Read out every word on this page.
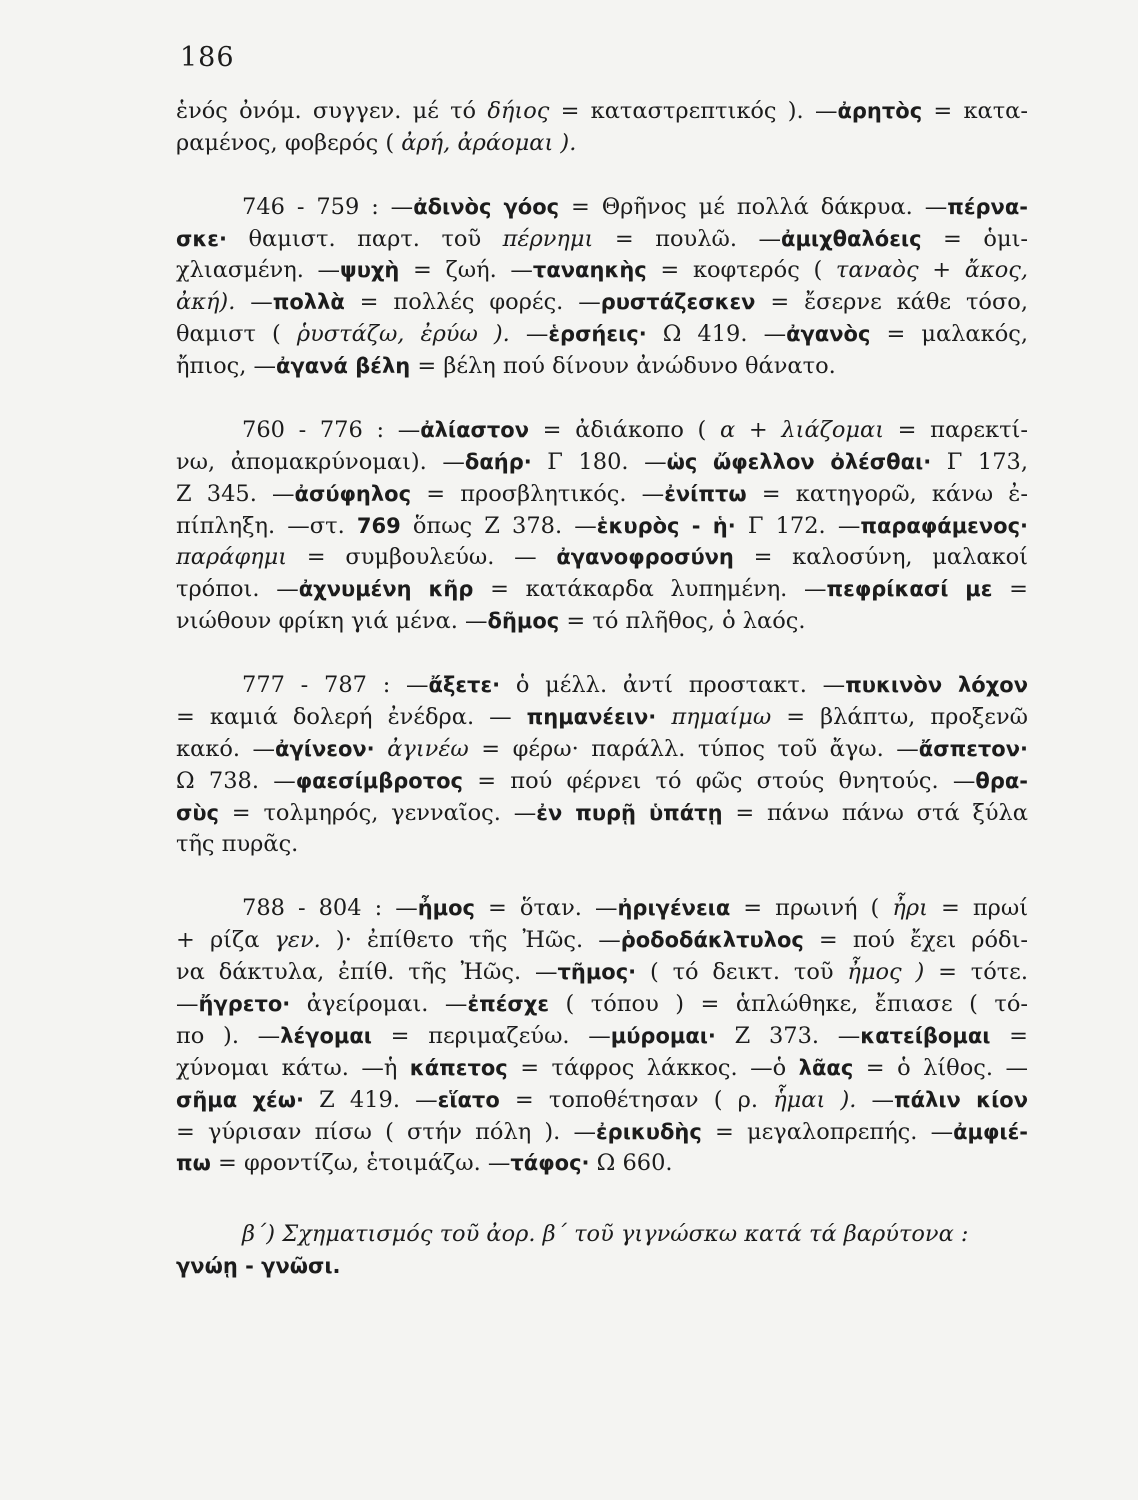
186
ἑνός ὀνόμ. συγγεν. μέ τό δήιος = καταστρεπτικός ). —ἀρητὸς = κατα-
ραμένος, φοβερός ( ἀρή, ἀράομαι ).
746 - 759 : —ἀδινὸς γόος = Θρῆνος μέ πολλά δάκρυα. —πέρνα-
σκε· θαμιστ. παρτ. τοῦ πέρνημι = πουλῶ. —ἀμιχθαλόεις = ὁμι-
χλιασμένη. —ψυχὴ = ζωή. —ταναηκὴς = κοφτερός ( ταναὸς + ἄκος,
ἀκή). —πολλὰ = πολλές φορές. —ρυστάζεσκεν = ἔσερνε κάθε τόσο,
θαμιστ ( ῥυστάζω, ἐρύω ). —ἑρσήεις· Ω 419. —ἀγανὸς = μαλακός,
ἤπιος, —ἀγανά βέλη = βέλη πού δίνουν ἀνώδυνο θάνατο.
760 - 776 : —ἀλίαστον = ἀδιάκοπο ( α + λιάζομαι = παρεκτί-
νω, ἀπομακρύνομαι). —δαήρ· Γ 180. —ὡς ὤφελλον ὀλέσθαι· Γ 173,
Ζ 345. —ἀσύφηλος = προσβλητικός. —ἐνίπτω = κατηγορῶ, κάνω ἐ-
πίπληξη. —στ. 769 ὅπως Ζ 378. —ἑκυρὸς - ἡ· Γ 172. —παραφάμενος·
παράφημι = συμβουλεύω. — ἀγανοφροσύνη = καλοσύνη, μαλακοί
τρόποι. —ἀχνυμένη κῆρ = κατάκαρδα λυπημένη. —πεφρίκασί με =
νιώθουν φρίκη γιά μένα. —δῆμος = τό πλῆθος, ὁ λαός.
777 - 787 : —ἄξετε· ὁ μέλλ. ἀντί προστακτ. —πυκινὸν λόχον
= καμιά δολερή ἐνέδρα. — πημανέειν· πημαίμω = βλάπτω, προξενῶ
κακό. —ἀγίνεον· ἀγινέω = φέρω· παράλλ. τύπος τοῦ ἄγω. —ἄσπετον·
Ω 738. —φαεσίμβροτος = πού φέρνει τό φῶς στούς θνητούς. —θρα-
σὺς = τολμηρός, γενναῖος. —ἐν πυρῇ ὑπάτῃ = πάνω πάνω στά ξύλα
τῆς πυρᾶς.
788 - 804 : —ἦμος = ὅταν. —ἠριγένεια = πρωινή ( ἦρι = πρωί
+ ρίζα γεν. )· ἐπίθετο τῆς Ἠῶς. —ῥοδοδάκλτυλος = πού ἔχει ρόδι-
να δάκτυλα, ἐπίθ. τῆς Ἠῶς. —τῆμος· ( τό δεικτ. τοῦ ἦμος ) = τότε.
—ἤγρετο· ἀγείρομαι. —ἐπέσχε ( τόπου ) = ἁπλώθηκε, ἔπιασε ( τό-
πο ). —λέγομαι = περιμαζεύω. —μύρομαι· Ζ 373. —κατείβομαι =
χύνομαι κάτω. —ἡ κάπετος = τάφρος λάκκος. —ὁ λᾶας = ὁ λίθος. —
σῆμα χέω· Ζ 419. —εἵατο = τοποθέτησαν ( ρ. ἧμαι ). —πάλιν κίον
= γύρισαν πίσω ( στήν πόλη ). —ἐρικυδὴς = μεγαλοπρεπής. —ἀμφιέ-
πω = φροντίζω, ἑτοιμάζω. —τάφος· Ω 660.
β΄) Σχηματισμός τοῦ ἀορ. β΄ τοῦ γιγνώσκω κατά τά βαρύτονα :
γνώῃ - γνῶσι.
